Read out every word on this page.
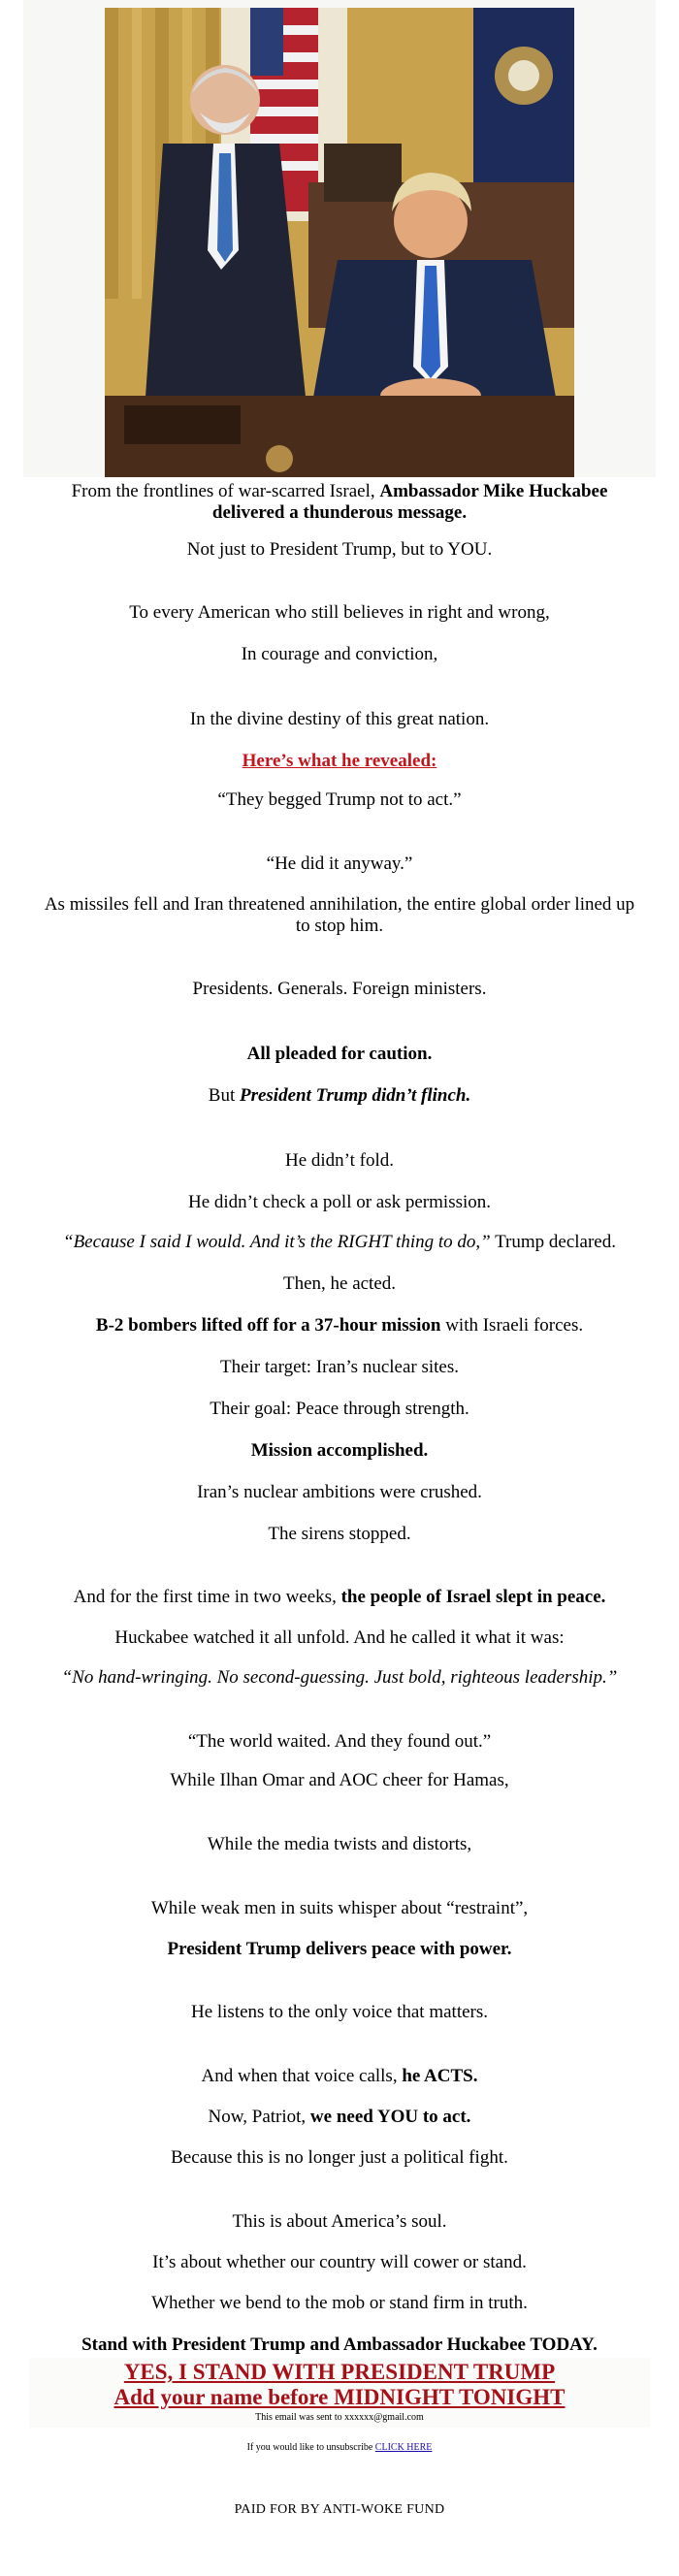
From the frontlines of war-scarred Israel, Ambassador Mike Huckabee delivered a thunderous message.

Not just to President Trump, but to YOU.

To every American who still believes in right and wrong,

In courage and conviction,

In the divine destiny of this great nation.

Here’s what he revealed:

“They begged Trump not to act.”

“He did it anyway.”

As missiles fell and Iran threatened annihilation, the entire global order lined up to stop him.

Presidents. Generals. Foreign ministers.

All pleaded for caution.

But President Trump didn’t flinch.

He didn’t fold.

He didn’t check a poll or ask permission.

“Because I said I would. And it’s the RIGHT thing to do,” Trump declared.

Then, he acted.

B-2 bombers lifted off for a 37-hour mission with Israeli forces.

Their target: Iran’s nuclear sites.

Their goal: Peace through strength.

Mission accomplished.

Iran’s nuclear ambitions were crushed.

The sirens stopped.

And for the first time in two weeks, the people of Israel slept in peace.

Huckabee watched it all unfold. And he called it what it was:

“No hand-wringing. No second-guessing. Just bold, righteous leadership.”

“The world waited. And they found out.”

While Ilhan Omar and AOC cheer for Hamas,

While the media twists and distorts,

While weak men in suits whisper about “restraint”,

President Trump delivers peace with power.

He listens to the only voice that matters.

And when that voice calls, he ACTS.

Now, Patriot, we need YOU to act.

Because this is no longer just a political fight.

This is about America’s soul.

It’s about whether our country will cower or stand.

Whether we bend to the mob or stand firm in truth.

Stand with President Trump and Ambassador Huckabee TODAY.

YES, I STAND WITH PRESIDENT TRUMP
Add your name before MIDNIGHT TONIGHT

This email was sent to xxxxxx@gmail.com

If you would like to unsubscribe CLICK HERE

PAID FOR BY ANTI-WOKE FUND
